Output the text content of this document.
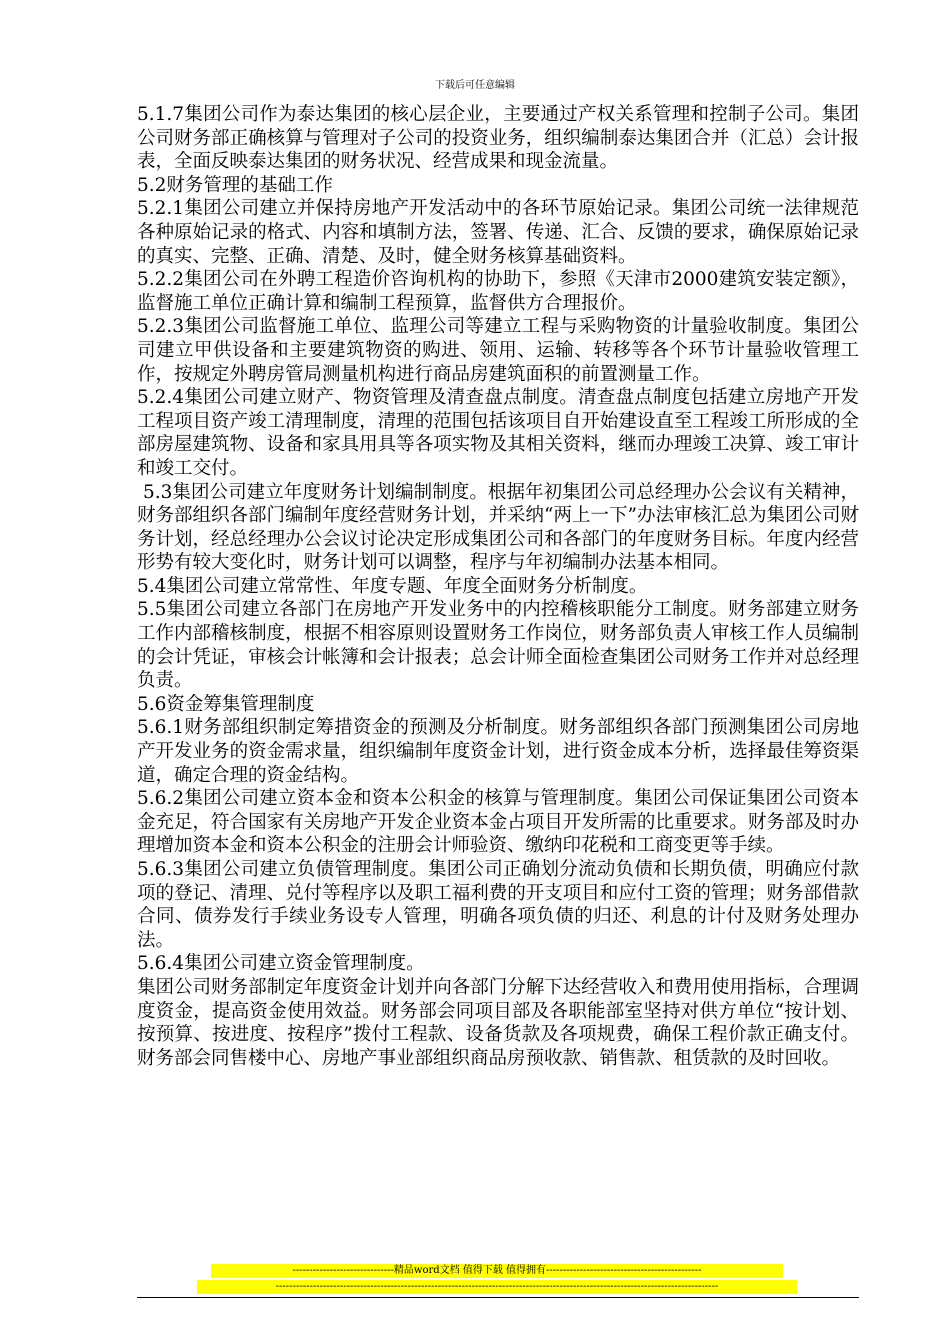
下载后可任意编辑

5.1.7集团公司作为泰达集团的核心层企业，主要通过产权关系管理和控制子公司。集团公司财务部正确核算与管理对子公司的投资业务，组织编制泰达集团合并（汇总）会计报表，全面反映泰达集团的财务状况、经营成果和现金流量。

5.2财务管理的基础工作

5.2.1集团公司建立并保持房地产开发活动中的各环节原始记录。集团公司统一法律规范各种原始记录的格式、内容和填制方法，签署、传递、汇合、反馈的要求，确保原始记录的真实、完整、正确、清楚、及时，健全财务核算基础资料。

5.2.2集团公司在外聘工程造价咨询机构的协助下，参照《天津市2000建筑安装定额》，监督施工单位正确计算和编制工程预算，监督供方合理报价。

5.2.3集团公司监督施工单位、监理公司等建立工程与采购物资的计量验收制度。集团公司建立甲供设备和主要建筑物资的购进、领用、运输、转移等各个环节计量验收管理工作，按规定外聘房管局测量机构进行商品房建筑面积的前置测量工作。

5.2.4集团公司建立财产、物资管理及清查盘点制度。清查盘点制度包括建立房地产开发工程项目资产竣工清理制度，清理的范围包括该项目自开始建设直至工程竣工所形成的全部房屋建筑物、设备和家具用具等各项实物及其相关资料，继而办理竣工决算、竣工审计和竣工交付。

5.3集团公司建立年度财务计划编制制度。根据年初集团公司总经理办公会议有关精神，财务部组织各部门编制年度经营财务计划，并采纳“两上一下”办法审核汇总为集团公司财务计划，经总经理办公会议讨论决定形成集团公司和各部门的年度财务目标。年度内经营形势有较大变化时，财务计划可以调整，程序与年初编制办法基本相同。

5.4集团公司建立常常性、年度专题、年度全面财务分析制度。

5.5集团公司建立各部门在房地产开发业务中的内控稽核职能分工制度。财务部建立财务工作内部稽核制度，根据不相容原则设置财务工作岗位，财务部负责人审核工作人员编制的会计凭证，审核会计帐簿和会计报表；总会计师全面检查集团公司财务工作并对总经理负责。

5.6资金筹集管理制度

5.6.1财务部组织制定筹措资金的预测及分析制度。财务部组织各部门预测集团公司房地产开发业务的资金需求量，组织编制年度资金计划，进行资金成本分析，选择最佳筹资渠道，确定合理的资金结构。

5.6.2集团公司建立资本金和资本公积金的核算与管理制度。集团公司保证集团公司资本金充足，符合国家有关房地产开发企业资本金占项目开发所需的比重要求。财务部及时办理增加资本金和资本公积金的注册会计师验资、缴纳印花税和工商变更等手续。

5.6.3集团公司建立负债管理制度。集团公司正确划分流动负债和长期负债，明确应付款项的登记、清理、兑付等程序以及职工福利费的开支项目和应付工资的管理；财务部借款合同、债券发行手续业务设专人管理，明确各项负债的归还、利息的计付及财务处理办法。

5.6.4集团公司建立资金管理制度。

集团公司财务部制定年度资金计划并向各部门分解下达经营收入和费用使用指标，合理调度资金，提高资金使用效益。财务部会同项目部及各职能部室坚持对供方单位“按计划、按预算、按进度、按程序”拨付工程款、设备货款及各项规费，确保工程价款正确支付。财务部会同售楼中心、房地产事业部组织商品房预收款、销售款、租赁款的及时回收。

------------------------------精品word文档 值得下载 值得拥有----------------------------------------------
-----------------------------------------------------------------------------------------------------------------------------------
